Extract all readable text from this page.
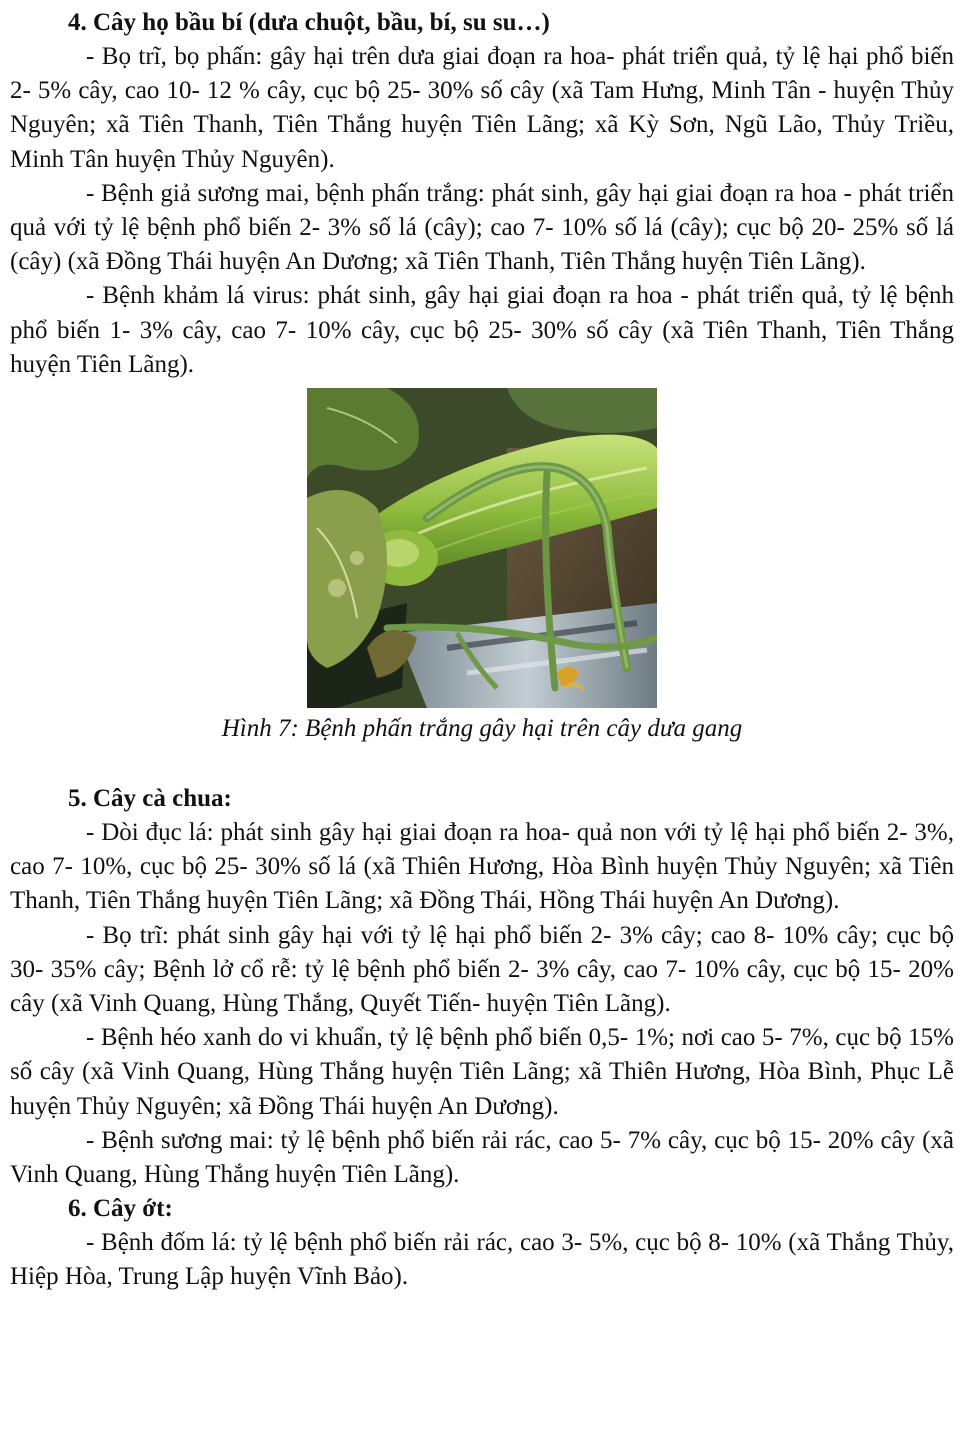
4. Cây họ bầu bí (dưa chuột, bầu, bí, su su…)

- Bọ trĩ, bọ phấn: gây hại trên dưa giai đoạn ra hoa- phát triển quả, tỷ lệ hại phổ biến 2- 5% cây, cao 10- 12 % cây, cục bộ 25- 30% số cây (xã Tam Hưng, Minh Tân - huyện Thủy Nguyên; xã Tiên Thanh, Tiên Thắng huyện Tiên Lãng; xã Kỳ Sơn, Ngũ Lão, Thủy Triều, Minh Tân huyện Thủy Nguyên).

- Bệnh giả sương mai, bệnh phấn trắng: phát sinh, gây hại giai đoạn ra hoa - phát triển quả với tỷ lệ bệnh phổ biến 2- 3% số lá (cây); cao 7- 10% số lá (cây); cục bộ 20- 25% số lá (cây) (xã Đồng Thái huyện An Dương; xã Tiên Thanh, Tiên Thắng huyện Tiên Lãng).

- Bệnh khảm lá virus: phát sinh, gây hại giai đoạn ra hoa - phát triển quả, tỷ lệ bệnh phổ biến 1- 3% cây, cao 7- 10% cây, cục bộ 25- 30% số cây (xã Tiên Thanh, Tiên Thắng huyện Tiên Lãng).

Hình 7: Bệnh phấn trắng gây hại trên cây dưa gang

5. Cây cà chua:

- Dòi đục lá: phát sinh gây hại giai đoạn ra hoa- quả non với tỷ lệ hại phổ biến 2- 3%, cao 7- 10%, cục bộ 25- 30% số lá (xã Thiên Hương, Hòa Bình huyện Thủy Nguyên; xã Tiên Thanh, Tiên Thắng huyện Tiên Lãng; xã Đồng Thái, Hồng Thái huyện An Dương).

- Bọ trĩ: phát sinh gây hại với tỷ lệ hại phổ biến 2- 3% cây; cao 8- 10% cây; cục bộ 30- 35% cây; Bệnh lở cổ rễ: tỷ lệ bệnh phổ biến 2- 3% cây, cao 7- 10% cây, cục bộ 15- 20% cây (xã Vinh Quang, Hùng Thắng, Quyết Tiến- huyện Tiên Lãng).

- Bệnh héo xanh do vi khuẩn, tỷ lệ bệnh phổ biến 0,5- 1%; nơi cao 5- 7%, cục bộ 15% số cây (xã Vinh Quang, Hùng Thắng huyện Tiên Lãng; xã Thiên Hương, Hòa Bình, Phục Lễ huyện Thủy Nguyên; xã Đồng Thái huyện An Dương).

- Bệnh sương mai: tỷ lệ bệnh phổ biến rải rác, cao 5- 7% cây, cục bộ 15- 20% cây (xã Vinh Quang, Hùng Thắng huyện Tiên Lãng).

6. Cây ớt:

- Bệnh đốm lá: tỷ lệ bệnh phổ biến rải rác, cao 3- 5%, cục bộ 8- 10% (xã Thắng Thủy, Hiệp Hòa, Trung Lập huyện Vĩnh Bảo).
